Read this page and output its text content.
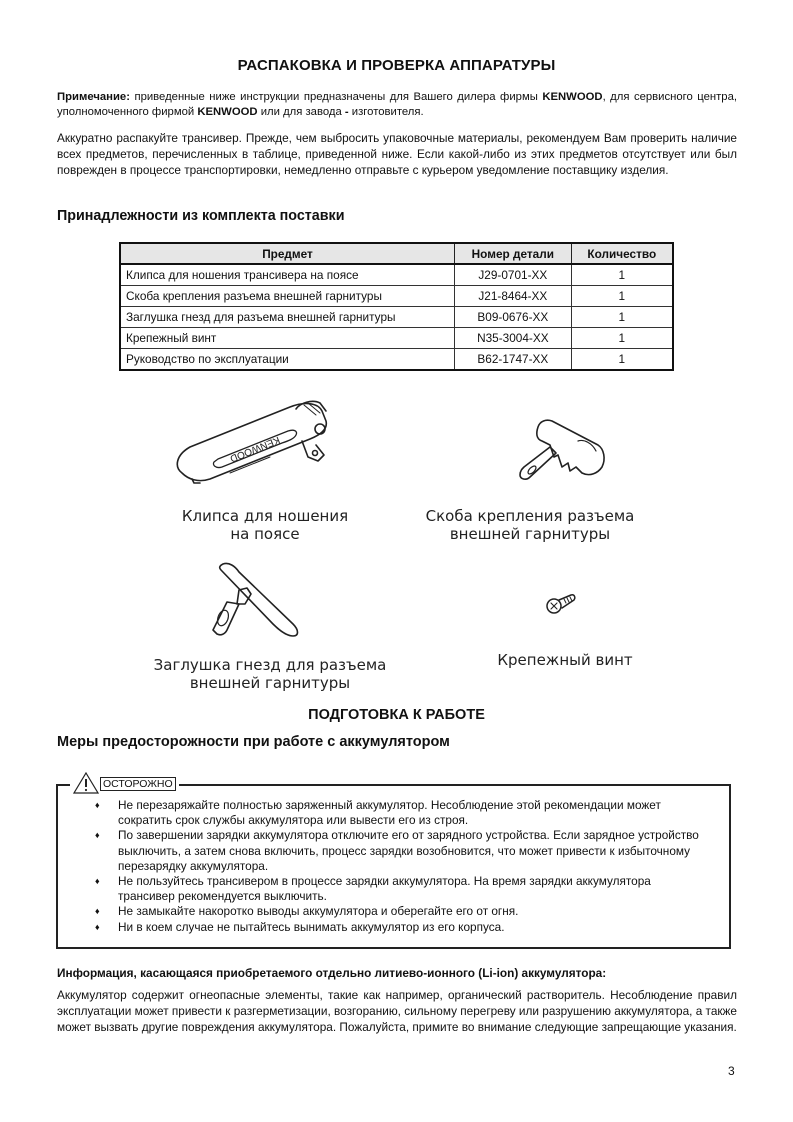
РАСПАКОВКА И ПРОВЕРКА АППАРАТУРЫ
Примечание: приведенные ниже инструкции предназначены для Вашего дилера фирмы KENWOOD, для сервисного центра, уполномоченного фирмой KENWOOD или для завода - изготовителя.
Аккуратно распакуйте трансивер. Прежде, чем выбросить упаковочные материалы, рекомендуем Вам проверить наличие всех предметов, перечисленных в таблице, приведенной ниже. Если какой-либо из этих предметов отсутствует или был поврежден в процессе транспортировки, немедленно отправьте с курьером уведомление поставщику изделия.
Принадлежности из комплекта поставки
Предмет	Номер детали	Количество
Клипса для ношения трансивера на поясе	J29-0701-XX	1
Скоба крепления разъема внешней гарнитуры	J21-8464-XX	1
Заглушка гнезд для разъема внешней гарнитуры	B09-0676-XX	1
Крепежный винт	N35-3004-XX	1
Руководство по эксплуатации	B62-1747-XX	1
KENWOOD
Клипса для ношения
на поясе
Скоба крепления разъема
внешней гарнитуры
Заглушка гнезд для разъема
внешней гарнитуры
Крепежный винт
ПОДГОТОВКА К РАБОТЕ
Меры предосторожности при работе с аккумулятором
ОСТОРОЖНО
♦ Не перезаряжайте полностью заряженный аккумулятор. Несоблюдение этой рекомендации может сократить срок службы аккумулятора или вывести его из строя.
♦ По завершении зарядки аккумулятора отключите его от зарядного устройства. Если зарядное устройство выключить, а затем снова включить, процесс зарядки возобновится, что может привести к избыточному перезарядку аккумулятора.
♦ Не пользуйтесь трансивером в процессе зарядки аккумулятора. На время зарядки аккумулятора трансивер рекомендуется выключить.
♦ Не замыкайте накоротко выводы аккумулятора и оберегайте его от огня.
♦ Ни в коем случае не пытайтесь вынимать аккумулятор из его корпуса.
Информация, касающаяся приобретаемого отдельно литиево-ионного (Li-ion) аккумулятора:
Аккумулятор содержит огнеопасные элементы, такие как например, органический растворитель. Несоблюдение правил эксплуатации может привести к разгерметизации, возгоранию, сильному перегреву или разрушению аккумулятора, а также может вызвать другие повреждения аккумулятора. Пожалуйста, примите во внимание следующие запрещающие указания.
3
